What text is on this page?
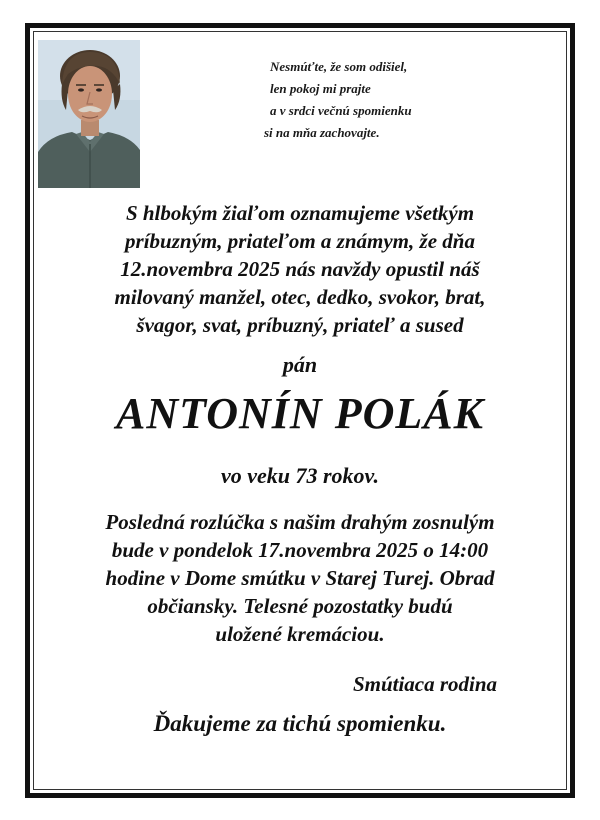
Nesmúťte, že som odišiel,
len pokoj mi prajte
a v srdci večnú spomienku
si na mňa zachovajte.
S hlbokým žiaľom oznamujeme všetkým
príbuzným, priateľom a známym, že dňa
12.novembra 2025 nás navždy opustil náš
milovaný manžel, otec, dedko, svokor, brat,
švagor, svat, príbuzný, priateľ a sused
pán
ANTONÍN POLÁK
vo veku 73 rokov.
Posledná rozlúčka s našim drahým zosnulým
bude v pondelok 17.novembra 2025 o 14:00
hodine v Dome smútku v Starej Turej. Obrad
občiansky. Telesné pozostatky budú
uložené kremáciou.
Smútiaca rodina
Ďakujeme za tichú spomienku.
